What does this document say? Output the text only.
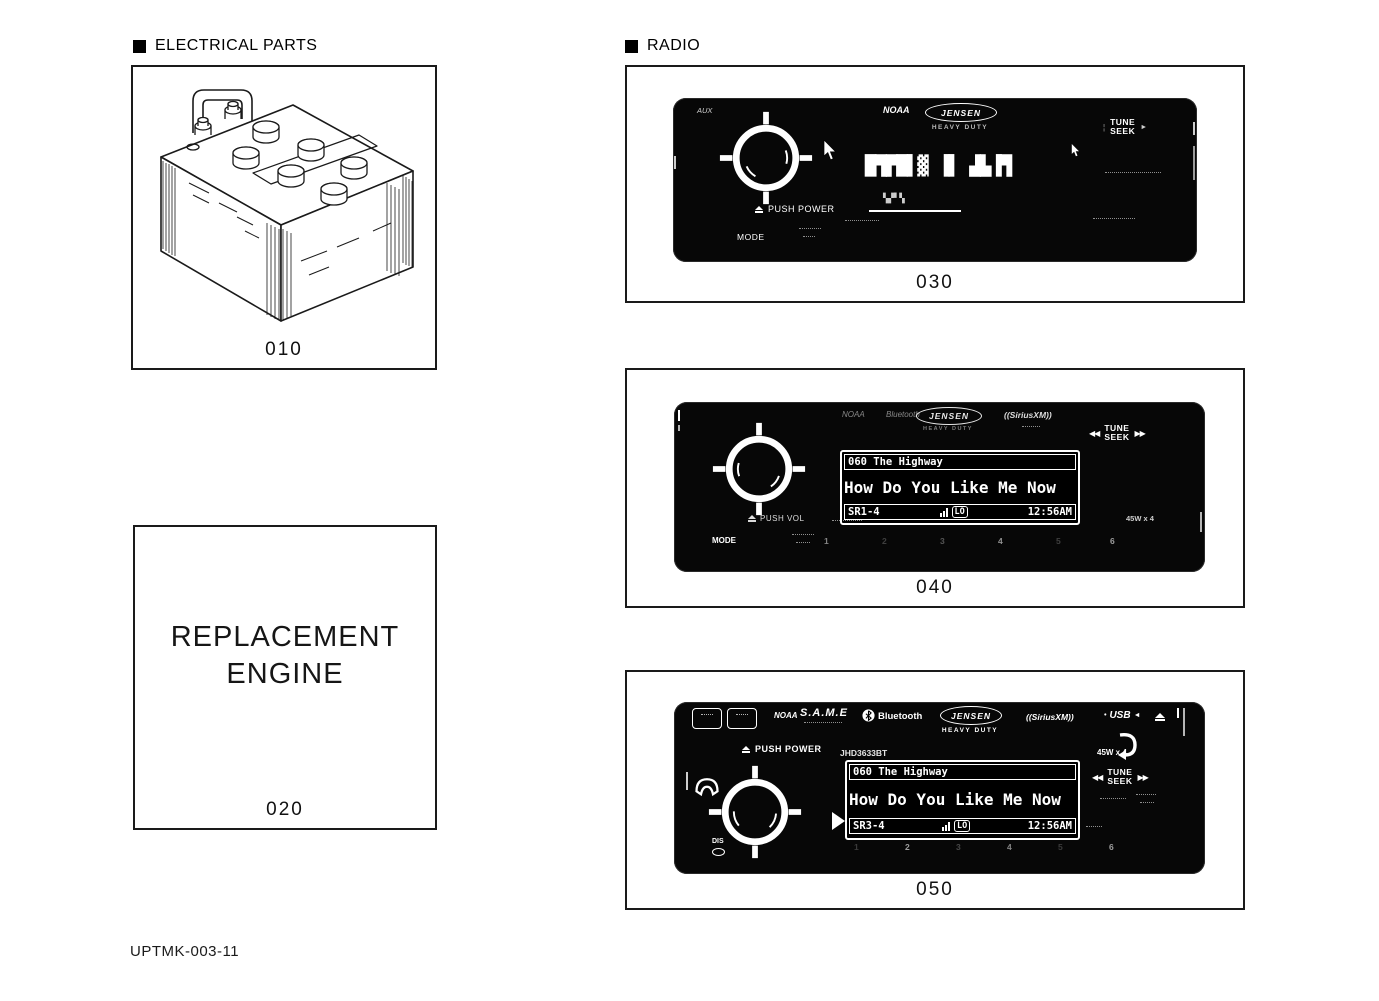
ELECTRICAL PARTS	RADIO
010
REPLACEMENT
ENGINE
020
AUX	NOAA	JENSEN
HEAVY DUTY
█▜▛█▌▓ ▐▌ ▟▙▐▜
▚▞▘▚
¦ TUNE
SEEK ►
PUSH POWER
MODE
030
NOAA	Bluetooth JENSEN
HEAVY DUTY
((SiriusXM))
◀◀ TUNE
SEEK ▶▶
060 The Highway
How Do You Like Me Now
SR1-4	LO	12:56AM
PUSH VOL	45W x 4
MODE	1	2	3	4	5	6
040
NOAA S.A.M.E	Bluetooth	JENSEN
HEAVY DUTY
((SiriusXM))	• USB ◄
PUSH POWER JHD3633BT	45W x 4
◀◀ TUNE
SEEK ▶▶
DIS
060 The Highway
How Do You Like Me Now
SR3-4	LO	12:56AM
1	2	3	4	5	6
050
UPTMK-003-11
